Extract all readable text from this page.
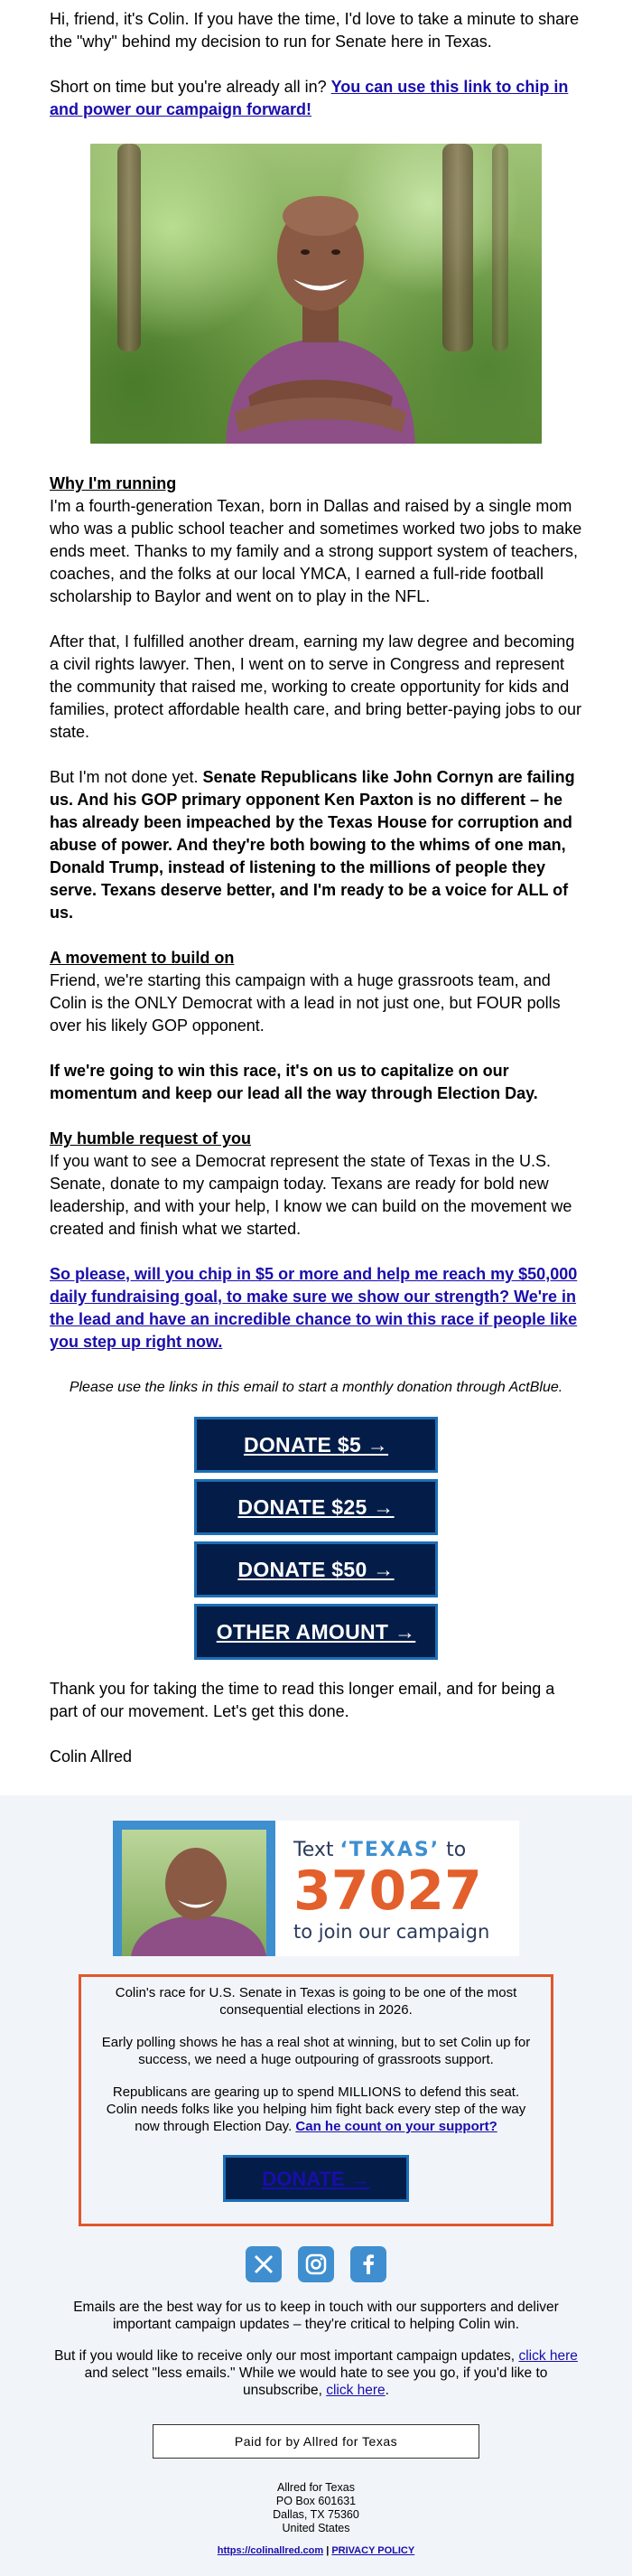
Hi, friend, it's Colin. If you have the time, I'd love to take a minute to share the "why" behind my decision to run for Senate here in Texas.

Short on time but you're already all in? You can use this link to chip in and power our campaign forward!

Why I'm running
I'm a fourth-generation Texan, born in Dallas and raised by a single mom who was a public school teacher and sometimes worked two jobs to make ends meet. Thanks to my family and a strong support system of teachers, coaches, and the folks at our local YMCA, I earned a full-ride football scholarship to Baylor and went on to play in the NFL.

After that, I fulfilled another dream, earning my law degree and becoming a civil rights lawyer. Then, I went on to serve in Congress and represent the community that raised me, working to create opportunity for kids and families, protect affordable health care, and bring better-paying jobs to our state.

But I'm not done yet. Senate Republicans like John Cornyn are failing us. And his GOP primary opponent Ken Paxton is no different – he has already been impeached by the Texas House for corruption and abuse of power. And they're both bowing to the whims of one man, Donald Trump, instead of listening to the millions of people they serve. Texans deserve better, and I'm ready to be a voice for ALL of us.

A movement to build on
Friend, we're starting this campaign with a huge grassroots team, and Colin is the ONLY Democrat with a lead in not just one, but FOUR polls over his likely GOP opponent.

If we're going to win this race, it's on us to capitalize on our momentum and keep our lead all the way through Election Day.

My humble request of you
If you want to see a Democrat represent the state of Texas in the U.S. Senate, donate to my campaign today. Texans are ready for bold new leadership, and with your help, I know we can build on the movement we created and finish what we started.

So please, will you chip in $5 or more and help me reach my $50,000 daily fundraising goal, to make sure we show our strength? We're in the lead and have an incredible chance to win this race if people like you step up right now.

Please use the links in this email to start a monthly donation through ActBlue.

DONATE $5 →
DONATE $25 →
DONATE $50 →
OTHER AMOUNT →

Thank you for taking the time to read this longer email, and for being a part of our movement. Let's get this done.

Colin Allred

Text ‘TEXAS’ to
37027
to join our campaign

Colin's race for U.S. Senate in Texas is going to be one of the most consequential elections in 2026.

Early polling shows he has a real shot at winning, but to set Colin up for success, we need a huge outpouring of grassroots support.

Republicans are gearing up to spend MILLIONS to defend this seat. Colin needs folks like you helping him fight back every step of the way now through Election Day. Can he count on your support?

DONATE →

Emails are the best way for us to keep in touch with our supporters and deliver important campaign updates – they're critical to helping Colin win.

But if you would like to receive only our most important campaign updates, click here and select "less emails." While we would hate to see you go, if you'd like to unsubscribe, click here.

Paid for by Allred for Texas
Allred for Texas
PO Box 601631
Dallas, TX 75360
United States
https://colinallred.com | PRIVACY POLICY
